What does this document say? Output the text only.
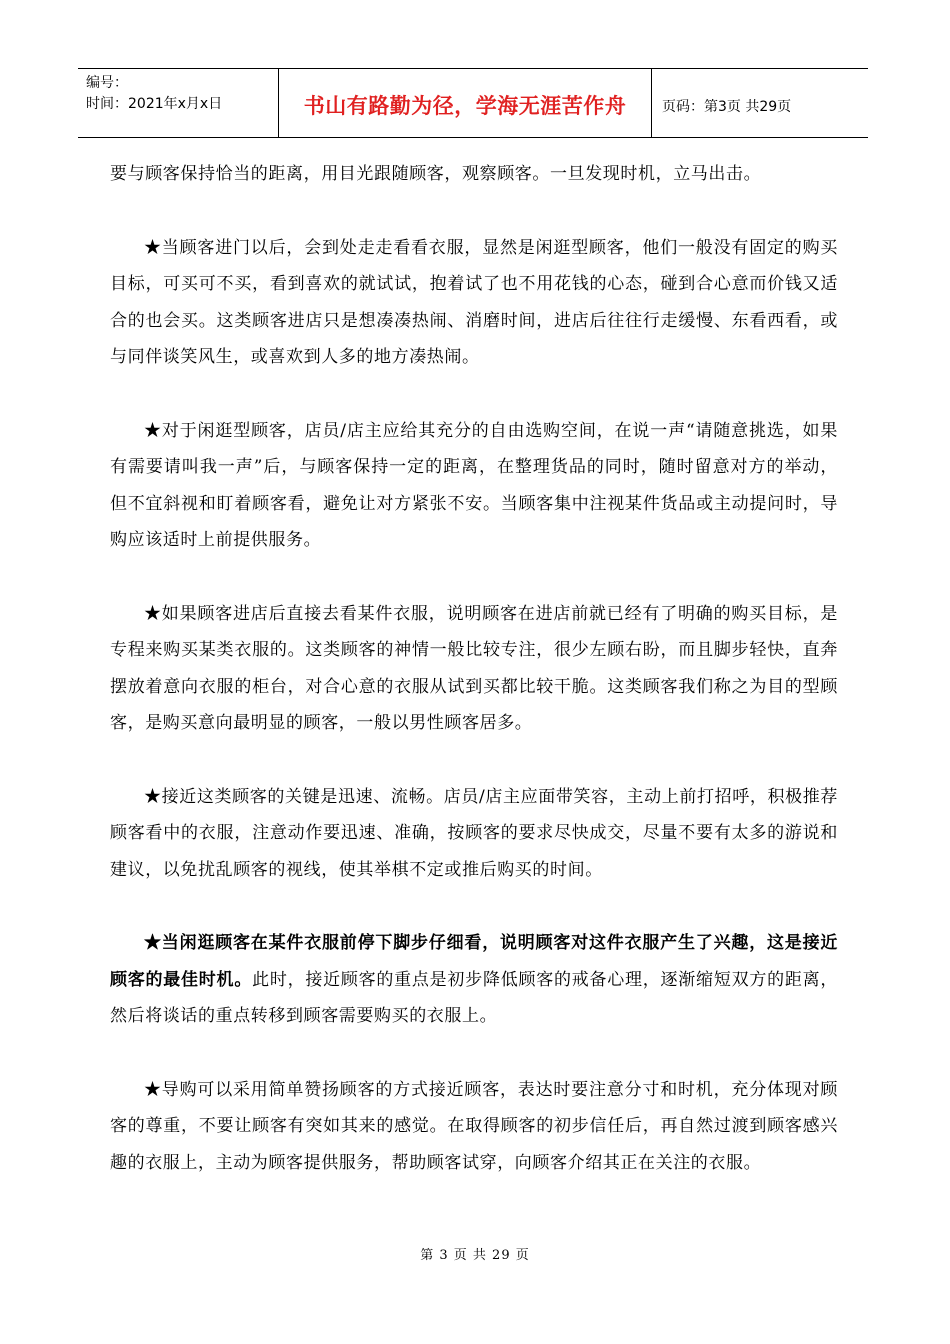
编号：
时间：2021年x月x日	书山有路勤为径，学海无涯苦作舟	页码：第3页 共29页

要与顾客保持恰当的距离，用目光跟随顾客，观察顾客。一旦发现时机，立马出击。

★当顾客进门以后，会到处走走看看衣服，显然是闲逛型顾客，他们一般没有固定的购买目标，可买可不买，看到喜欢的就试试，抱着试了也不用花钱的心态，碰到合心意而价钱又适合的也会买。这类顾客进店只是想凑凑热闹、消磨时间，进店后往往行走缓慢、东看西看，或与同伴谈笑风生，或喜欢到人多的地方凑热闹。

★对于闲逛型顾客，店员/店主应给其充分的自由选购空间，在说一声“请随意挑选，如果有需要请叫我一声”后，与顾客保持一定的距离，在整理货品的同时，随时留意对方的举动，但不宜斜视和盯着顾客看，避免让对方紧张不安。当顾客集中注视某件货品或主动提问时，导购应该适时上前提供服务。

★如果顾客进店后直接去看某件衣服，说明顾客在进店前就已经有了明确的购买目标，是专程来购买某类衣服的。这类顾客的神情一般比较专注，很少左顾右盼，而且脚步轻快，直奔摆放着意向衣服的柜台，对合心意的衣服从试到买都比较干脆。这类顾客我们称之为目的型顾客，是购买意向最明显的顾客，一般以男性顾客居多。

★接近这类顾客的关键是迅速、流畅。店员/店主应面带笑容，主动上前打招呼，积极推荐顾客看中的衣服，注意动作要迅速、准确，按顾客的要求尽快成交，尽量不要有太多的游说和建议，以免扰乱顾客的视线，使其举棋不定或推后购买的时间。

★当闲逛顾客在某件衣服前停下脚步仔细看，说明顾客对这件衣服产生了兴趣，这是接近顾客的最佳时机。此时，接近顾客的重点是初步降低顾客的戒备心理，逐渐缩短双方的距离，然后将谈话的重点转移到顾客需要购买的衣服上。

★导购可以采用简单赞扬顾客的方式接近顾客，表达时要注意分寸和时机，充分体现对顾客的尊重，不要让顾客有突如其来的感觉。在取得顾客的初步信任后，再自然过渡到顾客感兴趣的衣服上，主动为顾客提供服务，帮助顾客试穿，向顾客介绍其正在关注的衣服。

第 3 页 共 29 页
